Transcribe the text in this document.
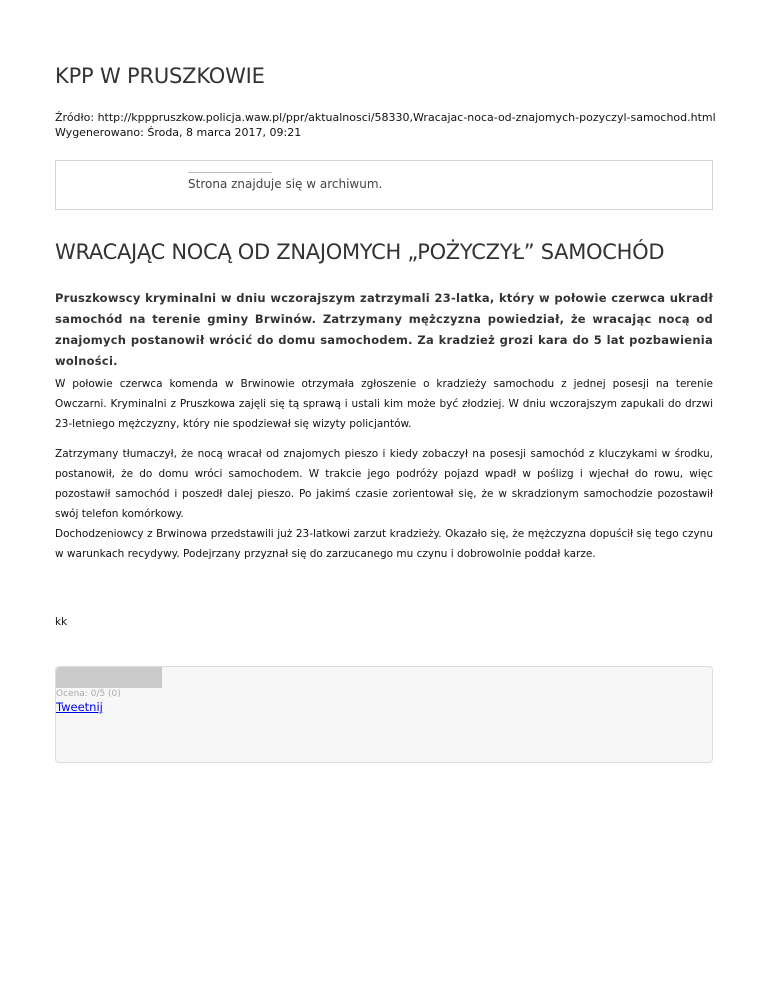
KPP W PRUSZKOWIE
Źródło: http://kpppruszkow.policja.waw.pl/ppr/aktualnosci/58330,Wracajac-noca-od-znajomych-pozyczyl-samochod.html
Wygenerowano: Środa, 8 marca 2017, 09:21
Strona znajduje się w archiwum.
WRACAJĄC NOCĄ OD ZNAJOMYCH „POŻYCZYŁ” SAMOCHÓD

Pruszkowscy kryminalni w dniu wczorajszym zatrzymali 23-latka, który w połowie czerwca ukradł samochód na terenie gminy Brwinów. Zatrzymany mężczyzna powiedział, że wracając nocą od znajomych postanowił wrócić do domu samochodem. Za kradzież grozi kara do 5 lat pozbawienia wolności.

W połowie czerwca komenda w Brwinowie otrzymała zgłoszenie o kradzieży samochodu z jednej posesji na terenie Owczarni. Kryminalni z Pruszkowa zajęli się tą sprawą i ustali kim może być złodziej. W dniu wczorajszym zapukali do drzwi 23-letniego mężczyzny, który nie spodziewał się wizyty policjantów.

Zatrzymany tłumaczył, że nocą wracał od znajomych pieszo i kiedy zobaczył na posesji samochód z kluczykami w środku, postanowił, że do domu wróci samochodem. W trakcie jego podróży pojazd wpadł w poślizg i wjechał do rowu, więc pozostawił samochód i poszedł dalej pieszo. Po jakimś czasie zorientował się, że w skradzionym samochodzie pozostawił swój telefon komórkowy.

Dochodzeniowcy z Brwinowa przedstawili już 23-latkowi zarzut kradzieży. Okazało się, że mężczyzna dopuścił się tego czynu w warunkach recydywy. Podejrzany przyznał się do zarzucanego mu czynu i dobrowolnie poddał karze.

kk
Ocena: 0/5 (0)
Tweetnij
